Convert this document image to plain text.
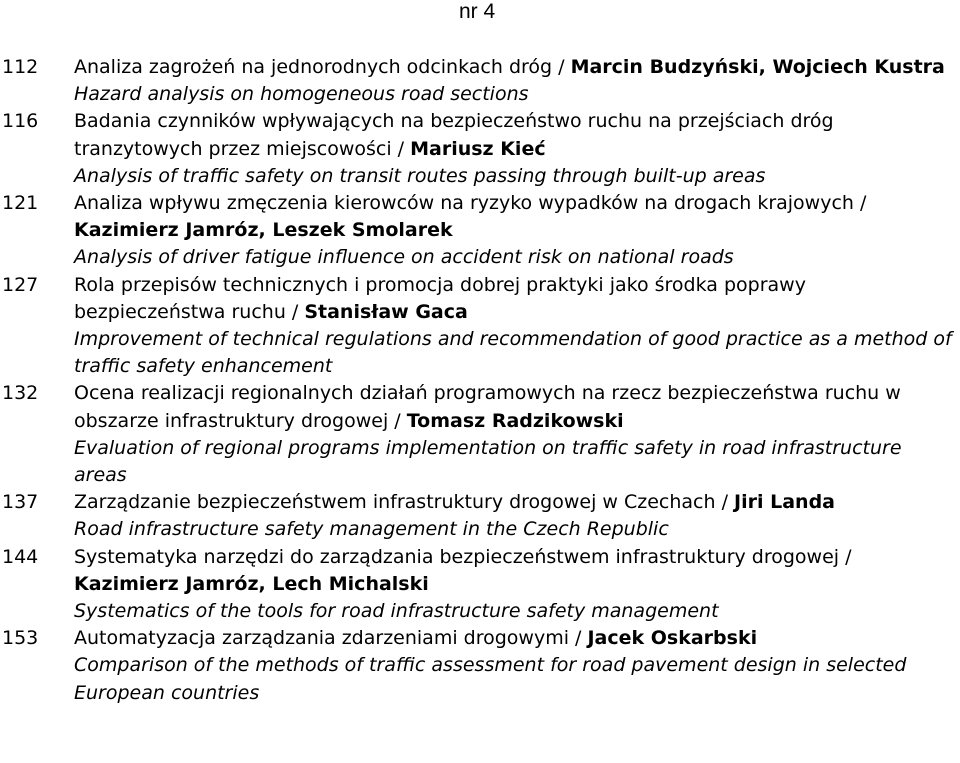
nr 4
112	Analiza zagrożeń na jednorodnych odcinkach dróg / Marcin Budzyński, Wojciech Kustra
Hazard analysis on homogeneous road sections
116	Badania czynników wpływających na bezpieczeństwo ruchu na przejściach dróg tranzytowych przez miejscowości / Mariusz Kieć
Analysis of traffic safety on transit routes passing through built-up areas
121	Analiza wpływu zmęczenia kierowców na ryzyko wypadków na drogach krajowych / Kazimierz Jamróz, Leszek Smolarek
Analysis of driver fatigue influence on accident risk on national roads
127	Rola przepisów technicznych i promocja dobrej praktyki jako środka poprawy bezpieczeństwa ruchu / Stanisław Gaca
Improvement of technical regulations and recommendation of good practice as a method of traffic safety enhancement
132	Ocena realizacji regionalnych działań programowych na rzecz bezpieczeństwa ruchu w obszarze infrastruktury drogowej / Tomasz Radzikowski
Evaluation of regional programs implementation on traffic safety in road infrastructure areas
137	Zarządzanie bezpieczeństwem infrastruktury drogowej w Czechach / Jiri Landa
Road infrastructure safety management in the Czech Republic
144	Systematyka narzędzi do zarządzania bezpieczeństwem infrastruktury drogowej / Kazimierz Jamróz, Lech Michalski
Systematics of the tools for road infrastructure safety management
153	Automatyzacja zarządzania zdarzeniami drogowymi / Jacek Oskarbski
Comparison of the methods of traffic assessment for road pavement design in selected European countries
